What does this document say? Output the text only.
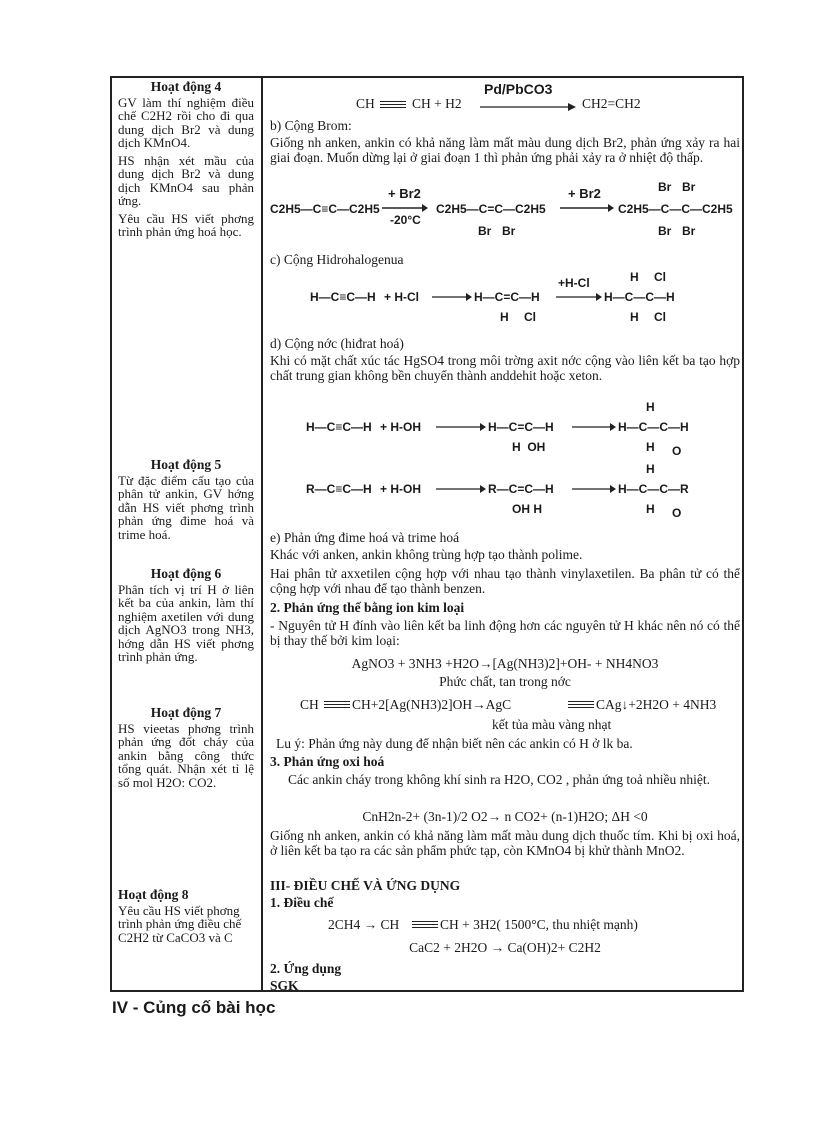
Hoạt động 4

GV làm thí nghiệm điều chế C2H2 rồi cho đi qua dung dịch Br2 và dung dịch KMnO4.

HS nhận xét mầu của dung dịch Br2 và dung dịch KMnO4 sau phản ứng.

Yêu cầu HS viết phơng trình phản ứng hoá học.

Hoạt động 5

Từ đặc điểm cấu tạo của phân tử ankin, GV hớng dẫn HS viết phơng trình phản ứng đime hoá và trime hoá.

Hoạt động 6

Phân tích vị trí H ở liên kết ba của ankin, làm thí nghiệm axetilen với dung dịch AgNO3 trong NH3, hớng dẫn HS viết phơng trình phản ứng.

Hoạt động 7

HS vieetas phơng trình phản ứng đốt cháy của ankin bằng công thức tổng quát. Nhận xét tỉ lệ số mol H2O: CO2.

Hoạt động 8

Yêu cầu HS viết phơng trình phản ứng điều chế C2H2 từ CaCO3 và C

CH	CH + H2
Pd/PbCO3
CH2=CH2

b) Cộng Brom:

Giống nh anken, ankin có khả năng làm mất màu dung dịch Br2, phản ứng xảy ra hai giai đoạn. Muốn dừng lại ở giai đoạn 1 thì phản ứng phải xảy ra ở nhiệt độ thấp.

C2H5—C≡C—C2H5
+ Br2
-20°C
C2H5—C=C—C2H5
Br Br
+ Br2
C2H5—C—C—C2H5
Br Br
Br Br

c) Cộng Hidrohalogenua

H—C≡C—H + H-Cl	H—C=C—H
H Cl
+H-Cl
H—C—C—H
H Cl
H Cl

d) Cộng nớc (hiđrat hoá)

Khi có mặt chất xúc tác HgSO4 trong môi trờng axit nớc cộng vào liên kết ba tạo hợp chất trung gian không bền chuyển thành anddehit hoặc xeton.

H—C≡C—H + H-OH	H—C=C—H
H  OH
H—C—C—H
H
H O
R—C≡C—H + H-OH	R—C=C—H
OH H
H—C—C—R
H
H O

e) Phản ứng đime hoá và trime hoá

Khác với anken, ankin không trùng hợp tạo thành polime.

Hai phân tử axxetilen cộng hợp với nhau tạo thành vinylaxetilen. Ba phân tử có thể cộng hợp với nhau để tạo thành benzen.

2. Phản ứng thế bằng ion kim loại

- Nguyên tử H đính vào liên kết ba linh động hơn các nguyên tử H khác nên nó có thể bị thay thế bởi kim loại:

AgNO3 + 3NH3 +H2O→[Ag(NH3)2]+OH- + NH4NO3

Phức chất, tan trong nớc

CH CH+2[Ag(NH3)2]OH→AgC	CAg↓+2H2O + 4NH3

kết tủa màu vàng nhạt

Lu ý: Phản ứng này dung để nhận biết nên các ankin có H ở lk ba.

3. Phản ứng oxi hoá

Các ankin cháy trong không khí sinh ra H2O, CO2 , phản ứng toả nhiều nhiệt.

CnH2n-2+ (3n-1)/2 O2→ n CO2+ (n-1)H2O; ΔH <0

Giống nh anken, ankin có khả năng làm mất màu dung dịch thuốc tím. Khi bị oxi hoá, ở liên kết ba tạo ra các sản phẩm phức tạp, còn KMnO4 bị khử thành MnO2.

III- ĐIỀU CHẾ VÀ ỨNG DỤNG

1. Điều chế

2CH4 → CH	CH + 3H2( 1500°C, thu nhiệt mạnh)

CaC2 + 2H2O → Ca(OH)2+ C2H2

2. Ứng dụng

SGK

IV - Củng cố bài học
